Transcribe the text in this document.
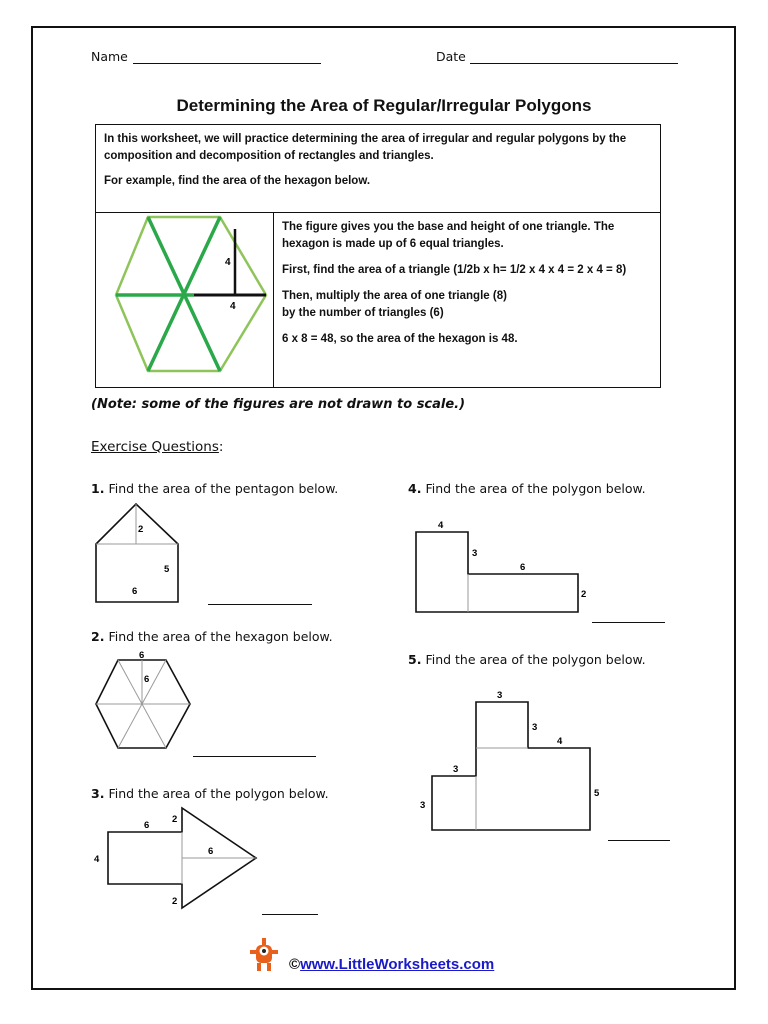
Name	Date
Determining the Area of Regular/Irregular Polygons

In this worksheet, we will practice determining the area of irregular and regular polygons by the composition and decomposition of rectangles and triangles.

For example, find the area of the hexagon below.

4
4

The figure gives you the base and height of one triangle. The hexagon is made up of 6 equal triangles.

First, find the area of a triangle (1/2b x h= 1/2 x 4 x 4 = 2 x 4 = 8)

Then, multiply the area of one triangle (8)

by the number of triangles (6)

6 x 8 = 48, so the area of the hexagon is 48.

(Note: some of the figures are not drawn to scale.)
Exercise Questions:
1. Find the area of the pentagon below.
2
5
6
2. Find the area of the hexagon below.
6
6
3. Find the area of the polygon below.
6
2
4
6
2
4. Find the area of the polygon below.
4
3
6
2
5. Find the area of the polygon below.
3
3
4
3
3
5
©www.LittleWorksheets.com
